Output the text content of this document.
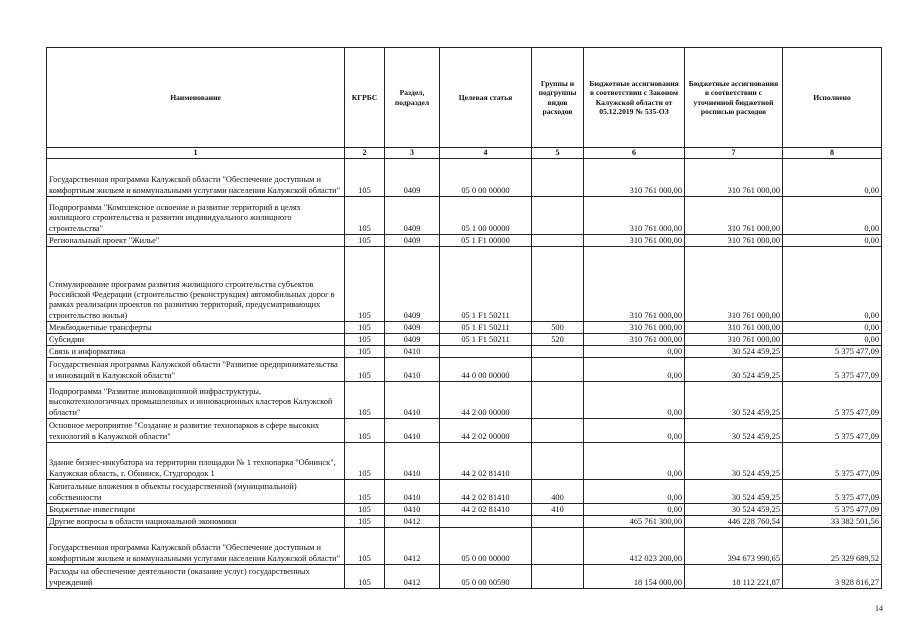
Наименование	КГРБС	Раздел, подраздел	Целевая статья	Группы и подгруппы видов расходов	Бюджетные ассигнования в соответствии с Законом Калужской области от 05.12.2019 № 535-ОЗ	Бюджетные ассигнования в соответствии с уточненной бюджетной росписью расходов	Исполнено
1	2	3	4	5	6	7	8
Государственная программа Калужской области "Обеспечение доступным и комфортным жильем и коммунальными услугами населения Калужской области"	105	0409	05 0 00 00000		310 761 000,00	310 761 000,00	0,00
Подпрограмма "Комплексное освоение и развитие территорий в целях жилищного строительства и развития индивидуального жилищного строительства"	105	0409	05 1 00 00000		310 761 000,00	310 761 000,00	0,00
Региональный проект "Жилье"	105	0409	05 1 F1 00000		310 761 000,00	310 761 000,00	0,00
Стимулирование программ развития жилищного строительства субъектов Российской Федерации (строительство (реконструкция) автомобильных дорог в рамках реализации проектов по развитию территорий, предусматривающих строительство жилья)	105	0409	05 1 F1 50211		310 761 000,00	310 761 000,00	0,00
Межбюджетные трансферты	105	0409	05 1 F1 50211	500	310 761 000,00	310 761 000,00	0,00
Субсидии	105	0409	05 1 F1 50211	520	310 761 000,00	310 761 000,00	0,00
Связь и информатика	105	0410			0,00	30 524 459,25	5 375 477,09
Государственная программа Калужской области "Развитие предпринимательства и инноваций в Калужской области"	105	0410	44 0 00 00000		0,00	30 524 459,25	5 375 477,09
Подпрограмма "Развитие инновационной инфраструктуры, высокотехнологичных промышленных и инновационных кластеров Калужской области"	105	0410	44 2 00 00000		0,00	30 524 459,25	5 375 477,09
Основное мероприятие "Создание и развитие технопарков в сфере высоких технологий в Калужской области"	105	0410	44 2 02 00000		0,00	30 524 459,25	5 375 477,09
Здание бизнес-инкубатора на территории площадки № 1 технопарка "Обнинск", Калужская область, г. Обнинск, Студгородок 1	105	0410	44 2 02 81410		0,00	30 524 459,25	5 375 477,09
Капитальные вложения в объекты государственной (муниципальной) собственности	105	0410	44 2 02 81410	400	0,00	30 524 459,25	5 375 477,09
Бюджетные инвестиции	105	0410	44 2 02 81410	410	0,00	30 524 459,25	5 375 477,09
Другие вопросы в области национальной экономики	105	0412			465 761 300,00	446 228 760,54	33 382 501,56
Государственная программа Калужской области "Обеспечение доступным и комфортным жильем и коммунальными услугами населения Калужской области"	105	0412	05 0 00 00000		412 023 200,00	394 673 990,65	25 329 689,52
Расходы на обеспечение деятельности (оказание услуг) государственных учреждений	105	0412	05 0 00 00590		18 154 000,00	18 112 221,87	3 928 816,27
14
